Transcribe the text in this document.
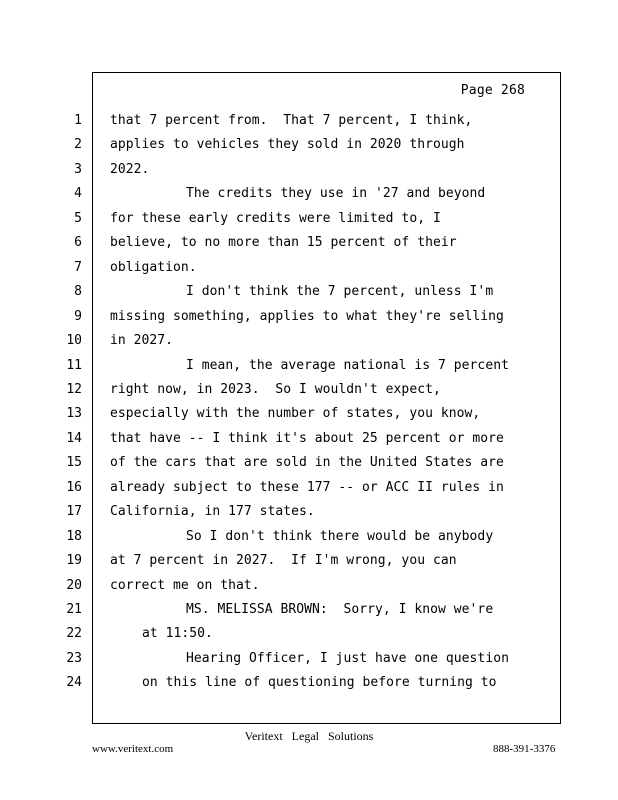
Page 268
1 that 7 percent from.  That 7 percent, I think,
2 applies to vehicles they sold in 2020 through
3 2022.
4	The credits they use in '27 and beyond
5 for these early credits were limited to, I
6 believe, to no more than 15 percent of their
7 obligation.
8	I don't think the 7 percent, unless I'm
9 missing something, applies to what they're selling
10 in 2027.
11	I mean, the average national is 7 percent
12 right now, in 2023.  So I wouldn't expect,
13 especially with the number of states, you know,
14 that have -- I think it's about 25 percent or more
15 of the cars that are sold in the United States are
16 already subject to these 177 -- or ACC II rules in
17 California, in 177 states.
18	So I don't think there would be anybody
19 at 7 percent in 2027.  If I'm wrong, you can
20 correct me on that.
21	MS. MELISSA BROWN:  Sorry, I know we're
22	at 11:50.
23	Hearing Officer, I just have one question
24	on this line of questioning before turning to
Veritext Legal Solutions
www.veritext.com	888-391-3376
